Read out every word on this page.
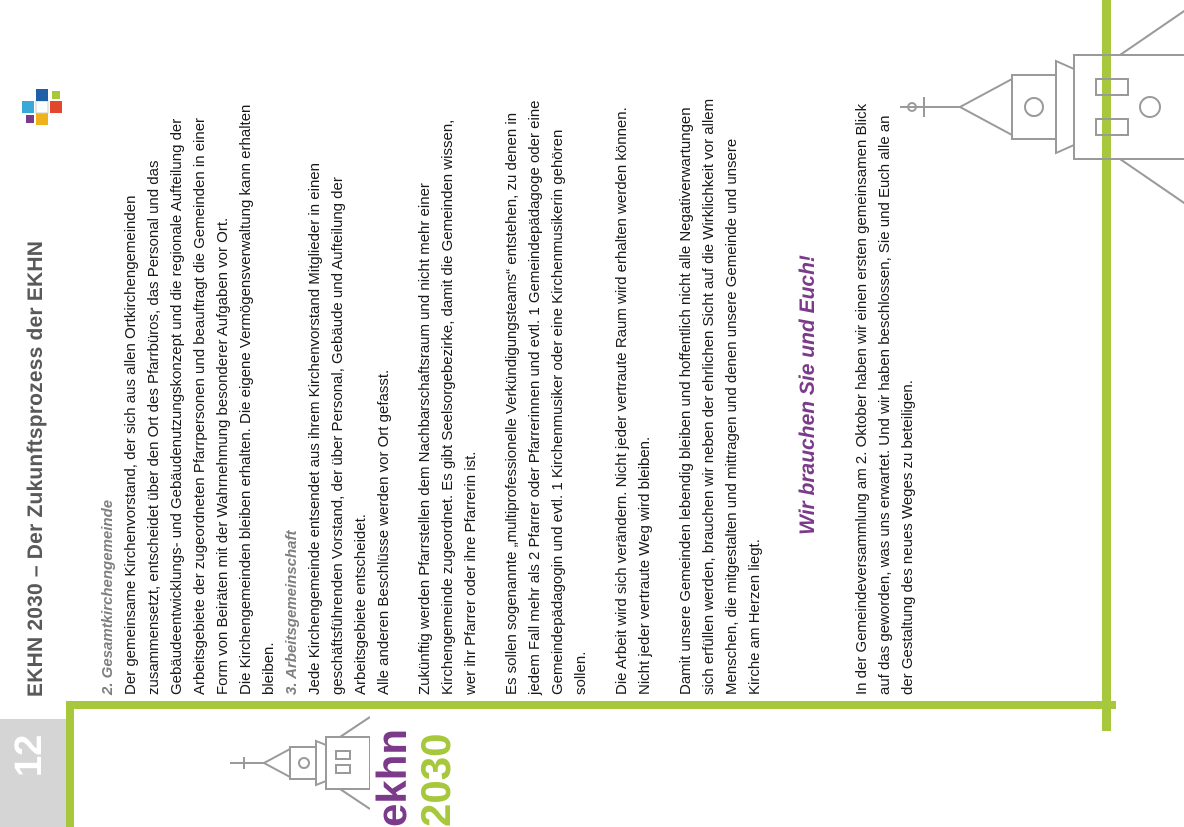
12
EKHN 2030 – Der Zukunftsprozess der EKHN
ekhn
2030

2. Gesamtkirchengemeinde Der gemeinsame Kirchenvorstand, der sich aus allen Ortkirchengemeinden zusammensetzt, entscheidet über den Ort des Pfarrbüros, das Personal und das Gebäudeentwicklungs- und Gebäudenutzungskonzept und die regionale Aufteilung der Arbeitsgebiete der zugeordneten Pfarrpersonen und beauftragt die Gemeinden in einer Form von Beiräten mit der Wahrnehmung besonderer Aufgaben vor Ort. Die Kirchengemeinden bleiben erhalten. Die eigene Vermögensverwaltung kann erhalten bleiben. 3. Arbeitsgemeinschaft Jede Kirchengemeinde entsendet aus ihrem Kirchenvorstand Mitglieder in einen geschäftsführenden Vorstand, der über Personal, Gebäude und Aufteilung der Arbeitsgebiete entscheidet. Alle anderen Beschlüsse werden vor Ort gefasst. Zukünftig werden Pfarrstellen dem Nachbarschaftsraum und nicht mehr einer Kirchengemeinde zugeordnet. Es gibt Seelsorgebezirke, damit die Gemeinden wissen, wer ihr Pfarrer oder ihre Pfarrerin ist. Es sollen sogenannte „multiprofessionelle Verkündigungsteams“ entstehen, zu denen in jedem Fall mehr als 2 Pfarrer oder Pfarrerinnen und evtl. 1 Gemeindepädagoge oder eine Gemeindepädagogin und evtl. 1 Kirchenmusiker oder eine Kirchenmusikerin gehören sollen. Die Arbeit wird sich verändern. Nicht jeder vertraute Raum wird erhalten werden können. Nicht jeder vertraute Weg wird bleiben. Damit unsere Gemeinden lebendig bleiben und hoffentlich nicht alle Negativerwartungen sich erfüllen werden, brauchen wir neben der ehrlichen Sicht auf die Wirklichkeit vor allem Menschen, die mitgestalten und mittragen und denen unsere Gemeinde und unsere Kirche am Herzen liegt.

Wir brauchen Sie und Euch! In der Gemeindeversammlung am 2. Oktober haben wir einen ersten gemeinsamen Blick auf das geworden, was uns erwartet. Und wir haben beschlossen, Sie und Euch alle an der Gestaltung des neues Weges zu beteiligen.
